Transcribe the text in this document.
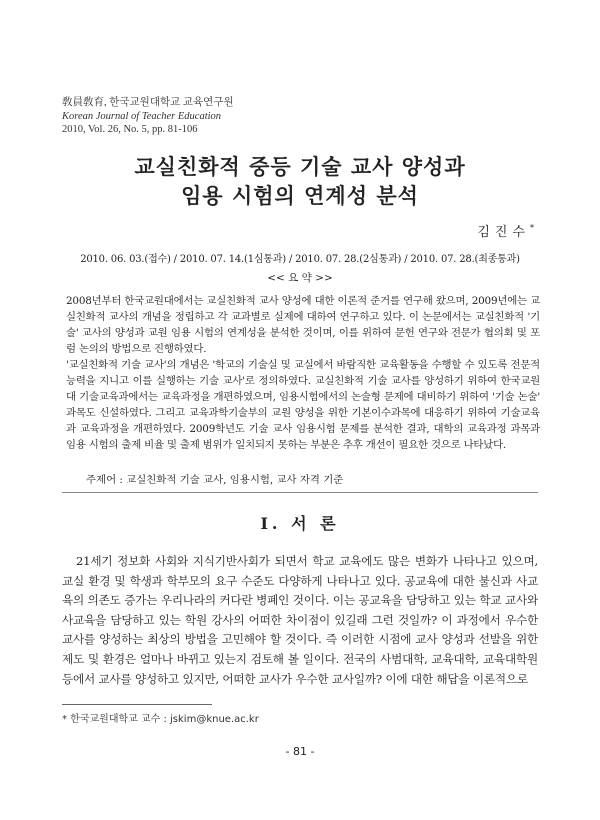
敎員敎育, 한국교원대학교 교육연구원
Korean Journal of Teacher Education
2010, Vol. 26, No. 5, pp. 81-106
교실친화적 중등 기술 교사 양성과
임용 시험의 연계성 분석
김진수*
2010. 06. 03.(접수) / 2010. 07. 14.(1심통과) / 2010. 07. 28.(2심통과) / 2010. 07. 28.(최종통과)
<< 요 약 >>

2008년부터 한국교원대에서는 교실친화적 교사 양성에 대한 이론적 준거를 연구해 왔으며, 2009년에는 교실친화적 교사의 개념을 정립하고 각 교과별로 실제에 대하여 연구하고 있다. 이 논문에서는 교실친화적 '기술' 교사의 양성과 교원 임용 시험의 연계성을 분석한 것이며, 이를 위하여 문헌 연구와 전문가 협의회 및 포럼 논의의 방법으로 진행하였다.

'교실친화적 기술 교사'의 개념은 '학교의 기술실 및 교실에서 바람직한 교육활동을 수행할 수 있도록 전문적 능력을 지니고 이를 실행하는 기술 교사'로 정의하였다. 교실친화적 기술 교사를 양성하기 위하여 한국교원대 기술교육과에서는 교육과정을 개편하였으며, 임용시험에서의 논술형 문제에 대비하기 위하여 '기술 논술' 과목도 신설하였다. 그리고 교육과학기술부의 교원 양성을 위한 기본이수과목에 대응하기 위하여 기술교육과 교육과정을 개편하였다. 2009학년도 기술 교사 임용시험 문제를 분석한 결과, 대학의 교육과정 과목과 임용 시험의 출제 비율 및 출제 범위가 일치되지 못하는 부분은 추후 개선이 필요한 것으로 나타났다.

주제어 : 교실친화적 기술 교사, 임용시험, 교사 자격 기준
Ⅰ. 서 론

21세기 정보화 사회와 지식기반사회가 되면서 학교 교육에도 많은 변화가 나타나고 있으며, 교실 환경 및 학생과 학부모의 요구 수준도 다양하게 나타나고 있다. 공교육에 대한 불신과 사교육의 의존도 증가는 우리나라의 커다란 병폐인 것이다. 이는 공교육을 담당하고 있는 학교 교사와 사교육을 담당하고 있는 학원 강사의 어떠한 차이점이 있길래 그런 것일까? 이 과정에서 우수한 교사를 양성하는 최상의 방법을 고민해야 할 것이다. 즉 이러한 시점에 교사 양성과 선발을 위한 제도 및 환경은 얼마나 바뀌고 있는지 검토해 볼 일이다. 전국의 사범대학, 교육대학, 교육대학원 등에서 교사를 양성하고 있지만, 어떠한 교사가 우수한 교사일까? 이에 대한 해답을 이론적으로

* 한국교원대학교 교수 : jskim@knue.ac.kr
- 81 -
